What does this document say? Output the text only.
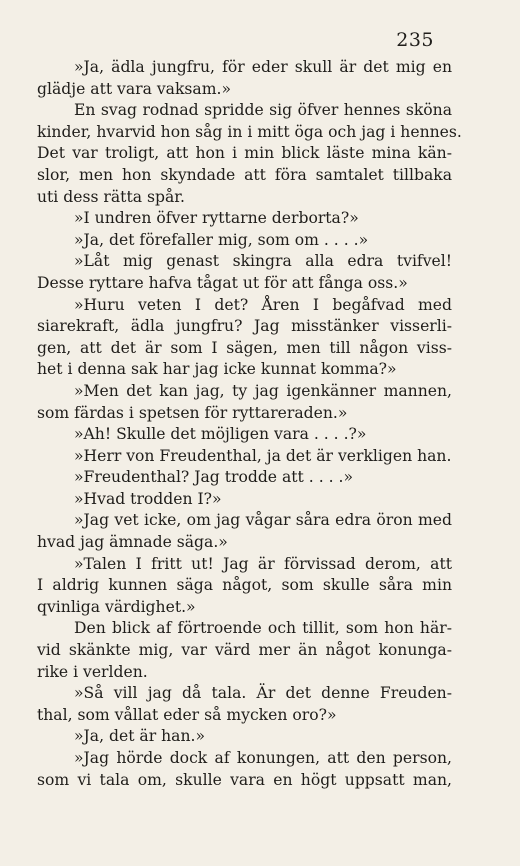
235
»Ja, ädla jungfru, för eder skull är det mig en
glädje att vara vaksam.»
En svag rodnad spridde sig öfver hennes sköna
kinder, hvarvid hon såg in i mitt öga och jag i hennes.
Det var troligt, att hon i min blick läste mina kän-
slor, men hon skyndade att föra samtalet tillbaka
uti dess rätta spår.
»I undren öfver ryttarne derborta?»
»Ja, det förefaller mig, som om . . . .»
»Låt mig genast skingra alla edra tvifvel!
Desse ryttare hafva tågat ut för att fånga oss.»
»Huru veten I det? Åren I begåfvad med
siarekraft, ädla jungfru? Jag misstänker visserli-
gen, att det är som I sägen, men till någon viss-
het i denna sak har jag icke kunnat komma?»
»Men det kan jag, ty jag igenkänner mannen,
som färdas i spetsen för ryttareraden.»
»Ah! Skulle det möjligen vara . . . .?»
»Herr von Freudenthal, ja det är verkligen han.
»Freudenthal? Jag trodde att . . . .»
»Hvad trodden I?»
»Jag vet icke, om jag vågar såra edra öron med
hvad jag ämnade säga.»
»Talen I fritt ut! Jag är förvissad derom, att
I aldrig kunnen säga något, som skulle såra min
qvinliga värdighet.»
Den blick af förtroende och tillit, som hon här-
vid skänkte mig, var värd mer än något konunga-
rike i verlden.
»Så vill jag då tala. Är det denne Freuden-
thal, som vållat eder så mycken oro?»
»Ja, det är han.»
»Jag hörde dock af konungen, att den person,
som vi tala om, skulle vara en högt uppsatt man,
